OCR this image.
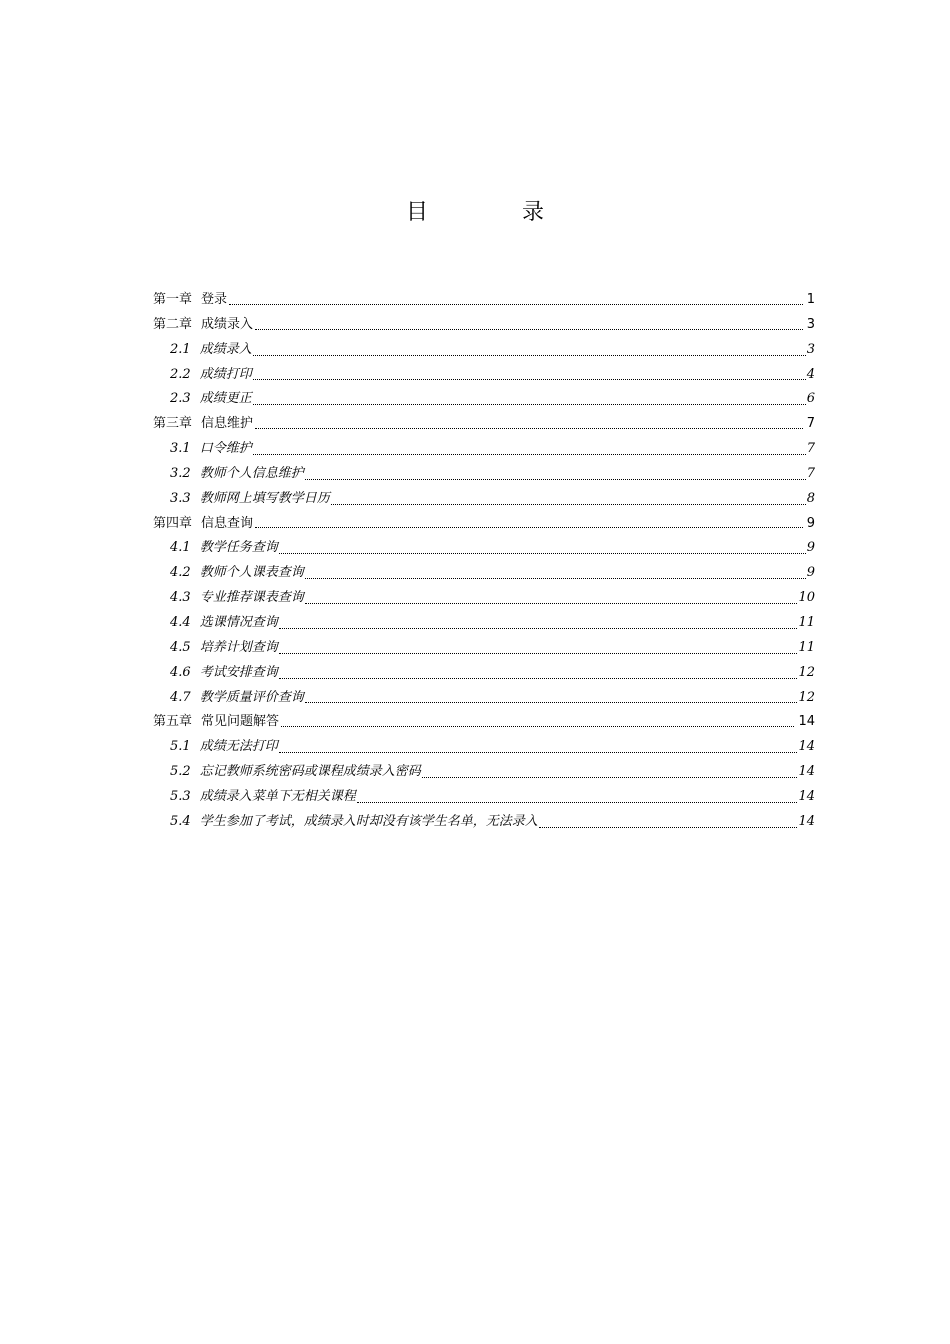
目　录
第一章 登录	1
第二章 成绩录入	3
2.1 成绩录入	3
2.2 成绩打印	4
2.3 成绩更正	6
第三章 信息维护	7
3.1 口令维护	7
3.2 教师个人信息维护	7
3.3 教师网上填写教学日历	8
第四章 信息查询	9
4.1 教学任务查询	9
4.2 教师个人课表查询	9
4.3 专业推荐课表查询	10
4.4 选课情况查询	11
4.5 培养计划查询	11
4.6 考试安排查询	12
4.7 教学质量评价查询	12
第五章 常见问题解答	14
5.1 成绩无法打印	14
5.2 忘记教师系统密码或课程成绩录入密码	14
5.3 成绩录入菜单下无相关课程	14
5.4 学生参加了考试，成绩录入时却没有该学生名单，无法录入	14
